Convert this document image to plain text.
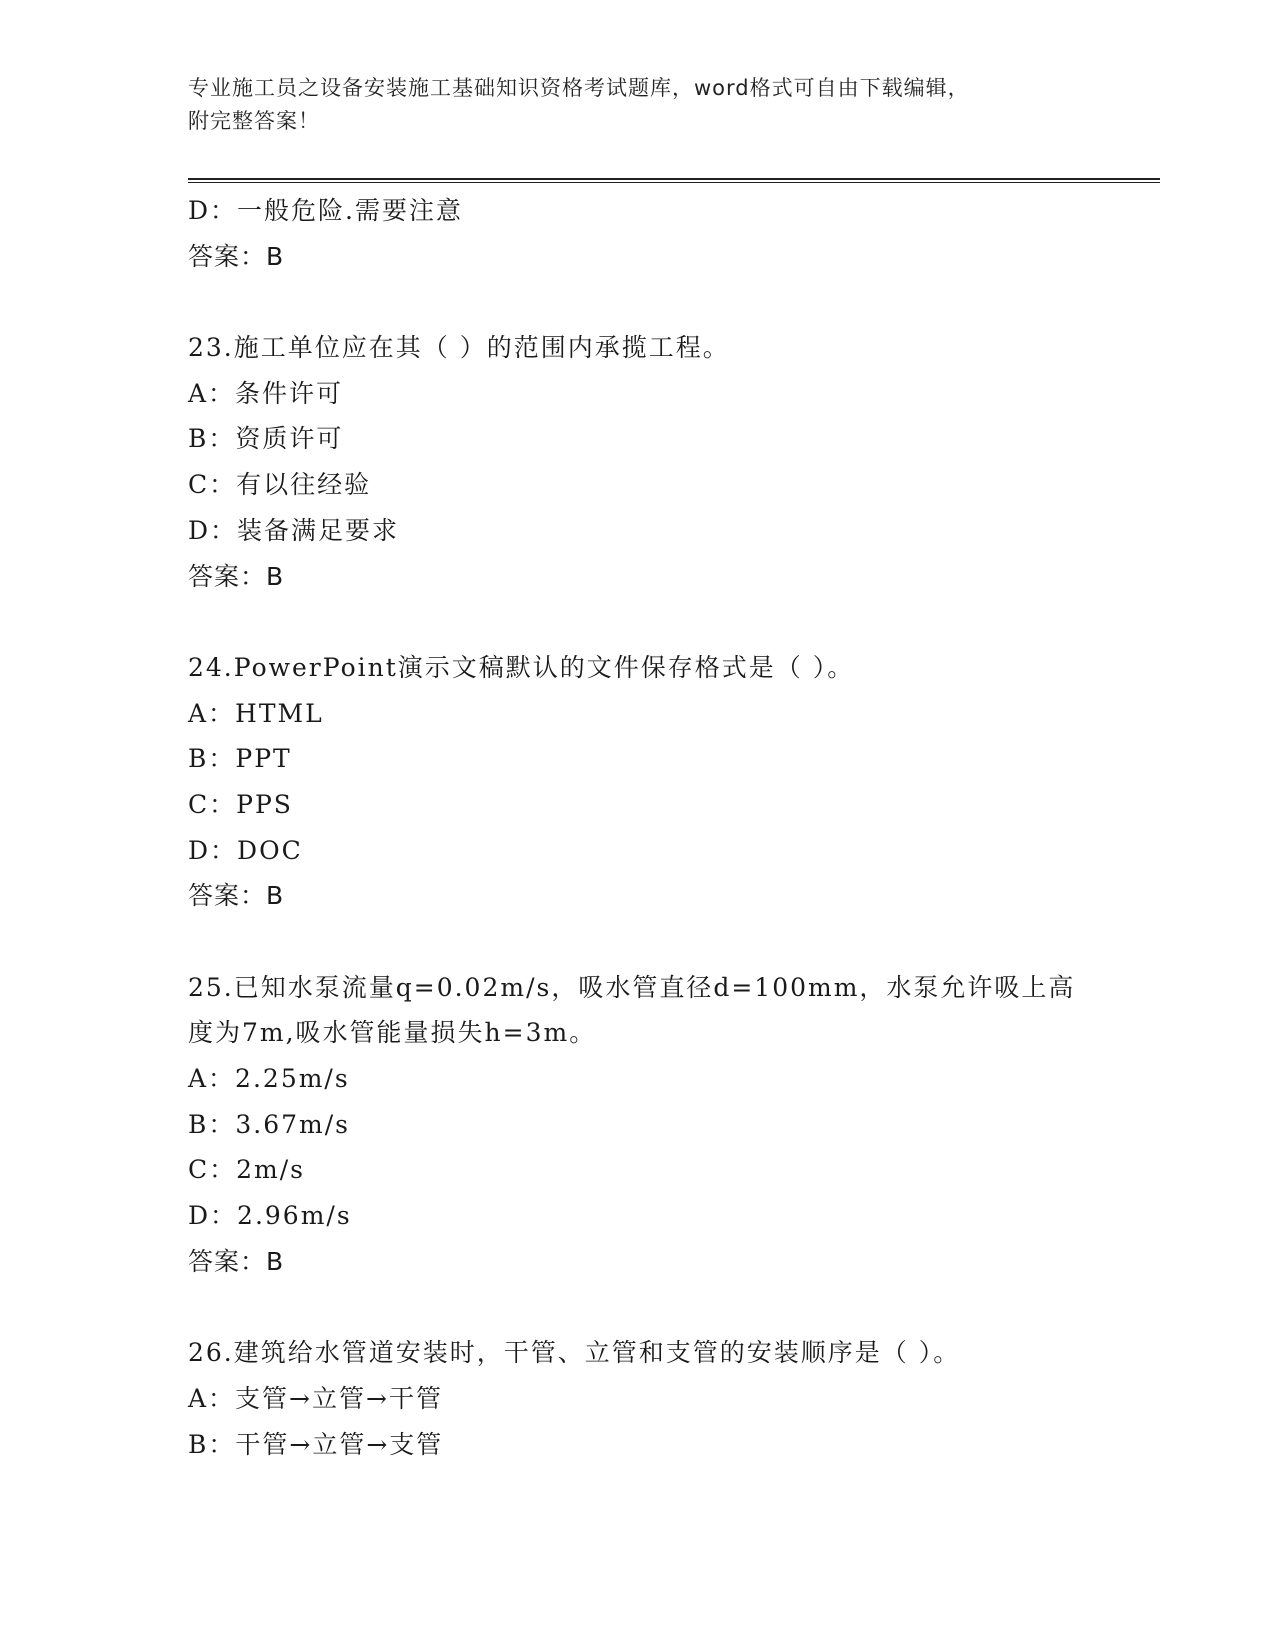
专业施工员之设备安装施工基础知识资格考试题库，word格式可自由下载编辑，
附完整答案！
D：一般危险.需要注意
答案：B
23.施工单位应在其（ ）的范围内承揽工程。
A：条件许可
B：资质许可
C：有以往经验
D：装备满足要求
答案：B
24.PowerPoint演示文稿默认的文件保存格式是（ ）。
A：HTML
B：PPT
C：PPS
D：DOC
答案：B
25.已知水泵流量q=0.02m/s，吸水管直径d=100mm，水泵允许吸上高
度为7m,吸水管能量损失h=3m。
A：2.25m/s
B：3.67m/s
C：2m/s
D：2.96m/s
答案：B
26.建筑给水管道安装时，干管、立管和支管的安装顺序是（ ）。
A：支管→立管→干管
B：干管→立管→支管
